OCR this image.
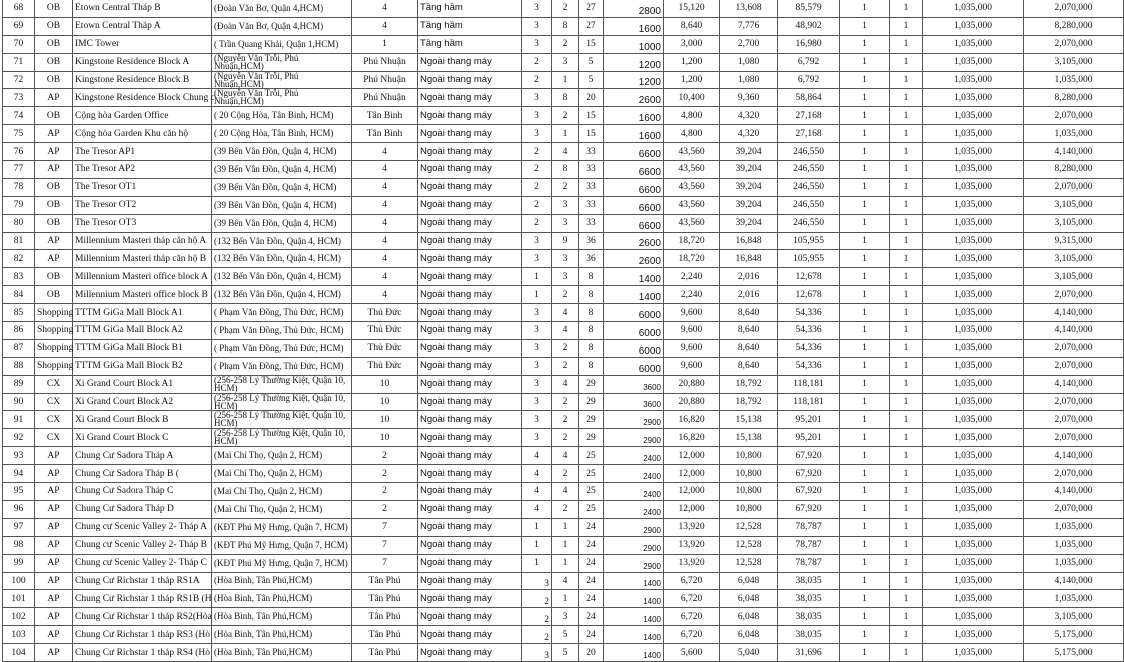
68	OB	Etown Central Tháp B	(Đoàn Văn Bơ, Quận 4,HCM)	4	Tầng hầm	3	2	27	2800	15,120	13,608	85,579	1	1	1,035,000	2,070,000
69	OB	Etown Central Tháp A	(Đoàn Văn Bơ, Quận 4,HCM)	4	Tầng hầm	3	8	27	1600	8,640	7,776	48,902	1	1	1,035,000	8,280,000
70	OB	IMC Tower	( Trần Quang Khải, Quận 1,HCM)	1	Tầng hầm	3	2	15	1000	3,000	2,700	16,980	1	1	1,035,000	2,070,000
71	OB	Kingstone Residence Block A	(Nguyễn Văn Trỗi, Phú Nhuận,HCM)	Phú Nhuận	Ngoài thang máy	2	3	5	1200	1,200	1,080	6,792	1	1	1,035,000	3,105,000
72	OB	Kingstone Residence Block B	(Nguyễn Văn Trỗi, Phú Nhuận,HCM)	Phú Nhuận	Ngoài thang máy	2	1	5	1200	1,200	1,080	6,792	1	1	1,035,000	1,035,000
73	AP	Kingstone Residence Block Chung c	(Nguyễn Văn Trỗi, Phú Nhuận,HCM)	Phú Nhuận	Ngoài thang máy	3	8	20	2600	10,400	9,360	58,864	1	1	1,035,000	8,280,000
74	OB	Cộng hòa Garden Office	( 20 Cộng Hòa, Tân Bình, HCM)	Tân Bình	Ngoài thang máy	3	2	15	1600	4,800	4,320	27,168	1	1	1,035,000	2,070,000
75	AP	Cộng hòa Garden Khu căn hộ	( 20 Cộng Hòa, Tân Bình, HCM)	Tân Bình	Ngoài thang máy	3	1	15	1600	4,800	4,320	27,168	1	1	1,035,000	1,035,000
76	AP	The Tresor AP1	(39 Bến Vân Đồn, Quận 4, HCM)	4	Ngoài thang máy	2	4	33	6600	43,560	39,204	246,550	1	1	1,035,000	4,140,000
77	AP	The Tresor AP2	(39 Bến Vân Đồn, Quận 4, HCM)	4	Ngoài thang máy	2	8	33	6600	43,560	39,204	246,550	1	1	1,035,000	8,280,000
78	OB	The Tresor OT1	(39 Bến Vân Đồn, Quận 4, HCM)	4	Ngoài thang máy	2	2	33	6600	43,560	39,204	246,550	1	1	1,035,000	2,070,000
79	OB	The Tresor OT2	(39 Bến Vân Đồn, Quận 4, HCM)	4	Ngoài thang máy	2	3	33	6600	43,560	39,204	246,550	1	1	1,035,000	3,105,000
80	OB	The Tresor OT3	(39 Bến Vân Đồn, Quận 4, HCM)	4	Ngoài thang máy	2	3	33	6600	43,560	39,204	246,550	1	1	1,035,000	3,105,000
81	AP	Millennium Masteri tháp căn hộ A	(132 Bến Vân Đồn, Quận 4, HCM)	4	Ngoài thang máy	3	9	36	2600	18,720	16,848	105,955	1	1	1,035,000	9,315,000
82	AP	Millennium Masteri tháp căn hộ B	(132 Bến Vân Đồn, Quận 4, HCM)	4	Ngoài thang máy	3	3	36	2600	18,720	16,848	105,955	1	1	1,035,000	3,105,000
83	OB	Millennium Masteri office block A	(132 Bến Vân Đồn, Quận 4, HCM)	4	Ngoài thang máy	1	3	8	1400	2,240	2,016	12,678	1	1	1,035,000	3,105,000
84	OB	Millennium Masteri office block B	(132 Bến Vân Đồn, Quận 4, HCM)	4	Ngoài thang máy	1	2	8	1400	2,240	2,016	12,678	1	1	1,035,000	2,070,000
85	Shopping	TTTM GiGa Mall Block A1	( Phạm Văn Đồng, Thủ Đức, HCM)	Thủ Đức	Ngoài thang máy	3	4	8	6000	9,600	8,640	54,336	1	1	1,035,000	4,140,000
86	Shopping	TTTM GiGa Mall Block A2	( Phạm Văn Đồng, Thủ Đức, HCM)	Thủ Đức	Ngoài thang máy	3	4	8	6000	9,600	8,640	54,336	1	1	1,035,000	4,140,000
87	Shopping	TTTM GiGa Mall Block B1	( Phạm Văn Đồng, Thủ Đức, HCM)	Thủ Đức	Ngoài thang máy	3	2	8	6000	9,600	8,640	54,336	1	1	1,035,000	2,070,000
88	Shopping	TTTM GiGa Mall Block B2	( Phạm Văn Đồng, Thủ Đức, HCM)	Thủ Đức	Ngoài thang máy	3	2	8	6000	9,600	8,640	54,336	1	1	1,035,000	2,070,000
89	CX	Xi Grand Court Block A1	(256-258 Lý Thường Kiệt, Quận 10, HCM)	10	Ngoài thang máy	3	4	29	3600	20,880	18,792	118,181	1	1	1,035,000	4,140,000
90	CX	Xi Grand Court Block A2	(256-258 Lý Thường Kiệt, Quận 10, HCM)	10	Ngoài thang máy	3	2	29	3600	20,880	18,792	118,181	1	1	1,035,000	2,070,000
91	CX	Xi Grand Court Block B	(256-258 Lý Thường Kiệt, Quận 10, HCM)	10	Ngoài thang máy	3	2	29	2900	16,820	15,138	95,201	1	1	1,035,000	2,070,000
92	CX	Xi Grand Court Block C	(256-258 Lý Thường Kiệt, Quận 10, HCM)	10	Ngoài thang máy	3	2	29	2900	16,820	15,138	95,201	1	1	1,035,000	2,070,000
93	AP	Chung Cư Sadora Tháp A	(Mai Chí Thọ, Quận 2, HCM)	2	Ngoài thang máy	4	4	25	2400	12,000	10,800	67,920	1	1	1,035,000	4,140,000
94	AP	Chung Cư Sadora Tháp B (	(Mai Chí Thọ, Quận 2, HCM)	2	Ngoài thang máy	4	2	25	2400	12,000	10,800	67,920	1	1	1,035,000	2,070,000
95	AP	Chung Cư Sadora Tháp C	(Mai Chí Thọ, Quận 2, HCM)	2	Ngoài thang máy	4	4	25	2400	12,000	10,800	67,920	1	1	1,035,000	4,140,000
96	AP	Chung Cư Sadora Tháp D	(Mai Chí Thọ, Quận 2, HCM)	2	Ngoài thang máy	4	2	25	2400	12,000	10,800	67,920	1	1	1,035,000	2,070,000
97	AP	Chung cư Scenic Valley 2- Tháp A	(KĐT Phú Mỹ Hưng, Quận 7, HCM)	7	Ngoài thang máy	1	1	24	2900	13,920	12,528	78,787	1	1	1,035,000	1,035,000
98	AP	Chung cư Scenic Valley 2- Tháp B	(KĐT Phú Mỹ Hưng, Quận 7, HCM)	7	Ngoài thang máy	1	1	24	2900	13,920	12,528	78,787	1	1	1,035,000	1,035,000
99	AP	Chung cư Scenic Valley 2- Tháp C	(KĐT Phú Mỹ Hưng, Quận 7, HCM)	7	Ngoài thang máy	1	1	24	2900	13,920	12,528	78,787	1	1	1,035,000	1,035,000
100	AP	Chung Cư Richstar 1 tháp RS1A	(Hòa Bình, Tân Phú,HCM)	Tân Phú	Ngoài thang máy	3	4	24	1400	6,720	6,048	38,035	1	1	1,035,000	4,140,000
101	AP	Chung Cư Richstar 1 tháp RS1B (H	(Hòa Bình, Tân Phú,HCM)	Tân Phú	Ngoài thang máy	2	1	24	1400	6,720	6,048	38,035	1	1	1,035,000	1,035,000
102	AP	Chung Cư Richstar 1 tháp RS2(Hòa	(Hòa Bình, Tân Phú,HCM)	Tân Phú	Ngoài thang máy	2	3	24	1400	6,720	6,048	38,035	1	1	1,035,000	3,105,000
103	AP	Chung Cư Richstar 1 tháp RS3 (Hò	(Hòa Bình, Tân Phú,HCM)	Tân Phú	Ngoài thang máy	2	5	24	1400	6,720	6,048	38,035	1	1	1,035,000	5,175,000
104	AP	Chung Cư Richstar 1 tháp RS4 (Hò	(Hòa Bình, Tân Phú,HCM)	Tân Phú	Ngoài thang máy	3	5	20	1400	5,600	5,040	31,696	1	1	1,035,000	5,175,000
